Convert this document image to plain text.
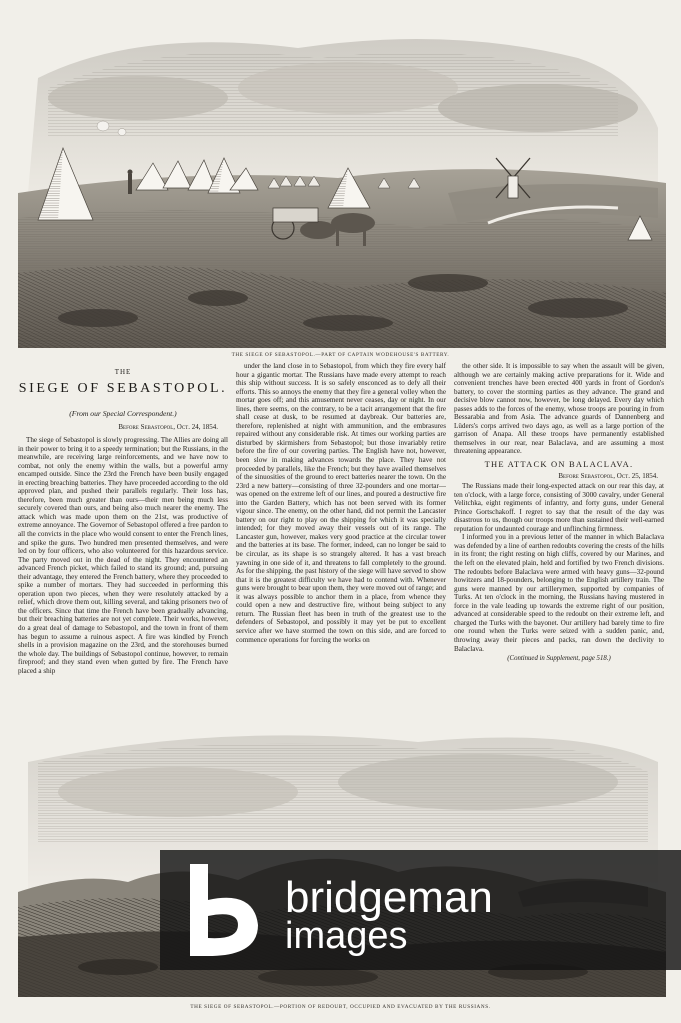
THE SIEGE OF SEBASTOPOL.—PART OF CAPTAIN WODEHOUSE'S BATTERY.
THE
SIEGE OF SEBASTOPOL.
(From our Special Correspondent.)
Before Sebastopol, Oct. 24, 1854.

The siege of Sebastopol is slowly progressing. The Allies are doing all in their power to bring it to a speedy termination; but the Russians, in the meanwhile, are receiving large reinforcements, and we have now to combat, not only the enemy within the walls, but a powerful army encamped outside. Since the 23rd the French have been busily engaged in erecting breaching batteries. They have proceeded according to the old approved plan, and pushed their parallels regularly. Their loss has, therefore, been much greater than ours—their men being much less securely covered than ours, and being also much nearer the enemy. The attack which was made upon them on the 21st, was productive of extreme annoyance. The Governor of Sebastopol offered a free pardon to all the convicts in the place who would consent to enter the French lines, and spike the guns. Two hundred men presented themselves, and were led on by four officers, who also volunteered for this hazardous service. The party moved out in the dead of the night. They encountered an advanced French picket, which failed to stand its ground; and, pursuing their advantage, they entered the French battery, where they proceeded to spike a number of mortars. They had succeeded in performing this operation upon two pieces, when they were resolutely attacked by a relief, which drove them out, killing several, and taking prisoners two of the officers. Since that time the French have been gradually advancing, but their breaching batteries are not yet complete. Their works, however, do a great deal of damage to Sebastopol, and the town in front of them has begun to assume a ruinous aspect. A fire was kindled by French shells in a provision magazine on the 23rd, and the storehouses burned the whole day. The buildings of Sebastopol continue, however, to remain fireproof; and they stand even when gutted by fire. The French have placed a ship

under the land close in to Sebastopol, from which they fire every half hour a gigantic mortar. The Russians have made every attempt to reach this ship without success. It is so safely ensconced as to defy all their efforts. This so annoys the enemy that they fire a general volley when the mortar goes off; and this amusement never ceases, day or night. In our lines, there seems, on the contrary, to be a tacit arrangement that the fire shall cease at dusk, to be resumed at daybreak. Our batteries are, therefore, replenished at night with ammunition, and the embrasures repaired without any considerable risk. At times our working parties are disturbed by skirmishers from Sebastopol; but those invariably retire before the fire of our covering parties. The English have not, however, been slow in making advances towards the place. They have not proceeded by parallels, like the French; but they have availed themselves of the sinuosities of the ground to erect batteries nearer the town. On the 23rd a new battery—consisting of three 32-pounders and one mortar—was opened on the extreme left of our lines, and poured a destructive fire into the Garden Battery, which has not been served with its former vigour since. The enemy, on the other hand, did not permit the Lancaster battery on our right to play on the shipping for which it was specially intended; for they moved away their vessels out of its range. The Lancaster gun, however, makes very good practice at the circular tower and the batteries at its base. The former, indeed, can no longer be said to be circular, as its shape is so strangely altered. It has a vast breach yawning in one side of it, and threatens to fall completely to the ground. As for the shipping, the past history of the siege will have served to show that it is the greatest difficulty we have had to contend with. Whenever guns were brought to bear upon them, they were moved out of range; and it was always possible to anchor them in a place, from whence they could open a new and destructive fire, without being subject to any return. The Russian fleet has been in truth of the greatest use to the defenders of Sebastopol, and possibly it may yet be put to excellent service after we have stormed the town on this side, and are forced to commence operations for forcing the works on

the other side. It is impossible to say when the assault will be given, although we are certainly making active preparations for it. Wide and convenient trenches have been erected 400 yards in front of Gordon's battery, to cover the storming parties as they advance. The grand and decisive blow cannot now, however, be long delayed. Every day which passes adds to the forces of the enemy, whose troops are pouring in from Bessarabia and from Asia. The advance guards of Dannenberg and Lüders's corps arrived two days ago, as well as a large portion of the garrison of Anapa. All these troops have permanently established themselves in our rear, near Balaclava, and are assuming a most threatening appearance.

THE ATTACK ON BALACLAVA.
Before Sebastopol, Oct. 25, 1854.

The Russians made their long-expected attack on our rear this day, at ten o'clock, with a large force, consisting of 3000 cavalry, under General Velitchka, eight regiments of infantry, and forty guns, under General Prince Gortschakoff. I regret to say that the result of the day was disastrous to us, though our troops more than sustained their well-earned reputation for undaunted courage and unflinching firmness.

I informed you in a previous letter of the manner in which Balaclava was defended by a line of earthen redoubts covering the crests of the hills in its front; the right resting on high cliffs, covered by our Marines, and the left on the elevated plain, held and fortified by two French divisions. The redoubts before Balaclava were armed with heavy guns—32-pound howitzers and 18-pounders, belonging to the English artillery train. The guns were manned by our artillerymen, supported by companies of Turks. At ten o'clock in the morning, the Russians having mustered in force in the vale leading up towards the extreme right of our position, advanced at considerable speed to the redoubt on their extreme left, and charged the Turks with the bayonet. Our artillery had barely time to fire one round when the Turks were seized with a sudden panic, and, throwing away their pieces and packs, ran down the declivity to Balaclava.

(Continued in Supplement, page 518.)
THE SIEGE OF SEBASTOPOL.—PORTION OF REDOUBT, OCCUPIED AND EVACUATED BY THE RUSSIANS.
bridgeman
images
